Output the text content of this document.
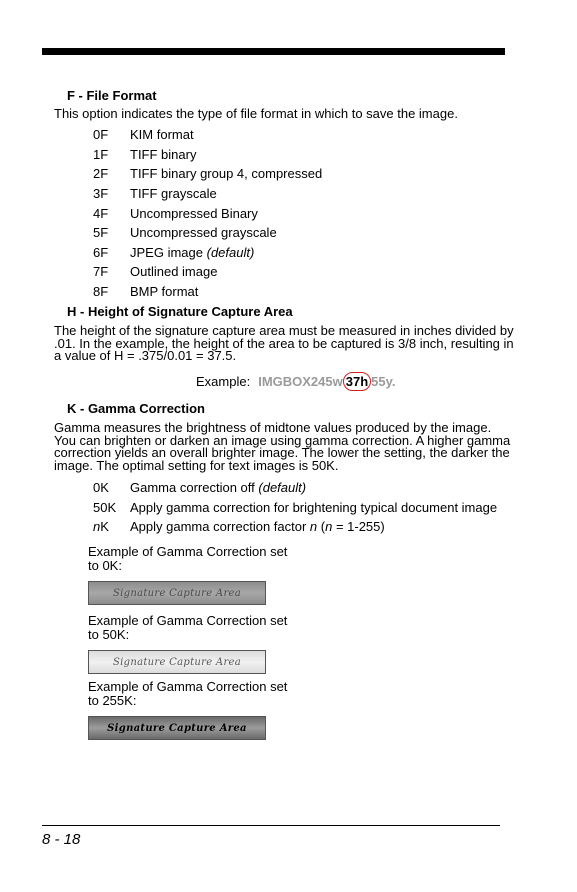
F - File Format
This option indicates the type of file format in which to save the image.
0F KIM format
1F TIFF binary
2F TIFF binary group 4, compressed
3F TIFF grayscale
4F Uncompressed Binary
5F Uncompressed grayscale
6F JPEG image (default)
7F Outlined image
8F BMP format
H - Height of Signature Capture Area
The height of the signature capture area must be measured in inches divided by .01. In the example, the height of the area to be captured is 3/8 inch, resulting in a value of H = .375/0.01 = 37.5.
Example: IMGBOX245w 37h 55y.
K - Gamma Correction
Gamma measures the brightness of midtone values produced by the image. You can brighten or darken an image using gamma correction. A higher gamma correction yields an overall brighter image. The lower the setting, the darker the image. The optimal setting for text images is 50K.
0K Gamma correction off (default)
50K Apply gamma correction for brightening typical document image
nK Apply gamma correction factor n (n = 1-255)
Example of Gamma Correction set to 0K:
Signature Capture Area
Example of Gamma Correction set to 50K:
Signature Capture Area
Example of Gamma Correction set to 255K:
Signature Capture Area
8 - 18
